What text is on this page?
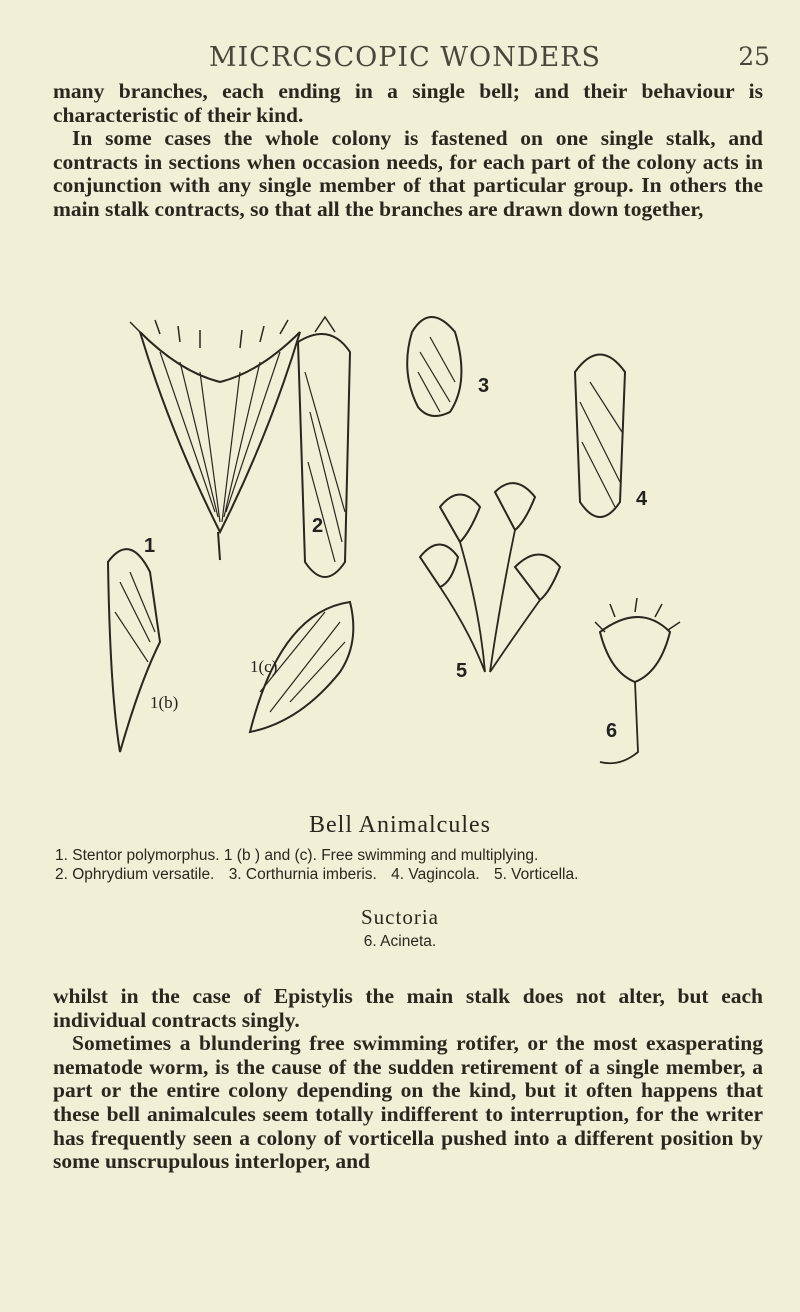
MICRCSCOPIC WONDERS	25

many branches, each ending in a single bell; and their behaviour is characteristic of their kind.

In some cases the whole colony is fastened on one single stalk, and contracts in sections when occasion needs, for each part of the colony acts in conjunction with any single member of that particular group. In others the main stalk contracts, so that all the branches are drawn down together,

1
1(b)
1(c)
2
3
4
5
6
Bell Animalcules
1. Stentor polymorphus. 1 (b ) and (c). Free swimming and multiplying.
2. Ophrydium versatile. 3. Corthurnia imberis. 4. Vagincola. 5. Vorticella.
Suctoria
6. Acineta.

whilst in the case of Epistylis the main stalk does not alter, but each individual contracts singly.

Sometimes a blundering free swimming rotifer, or the most exasperating nematode worm, is the cause of the sudden retirement of a single member, a part or the entire colony depending on the kind, but it often happens that these bell animalcules seem totally indifferent to interruption, for the writer has frequently seen a colony of vorticella pushed into a different position by some unscrupulous interloper, and
